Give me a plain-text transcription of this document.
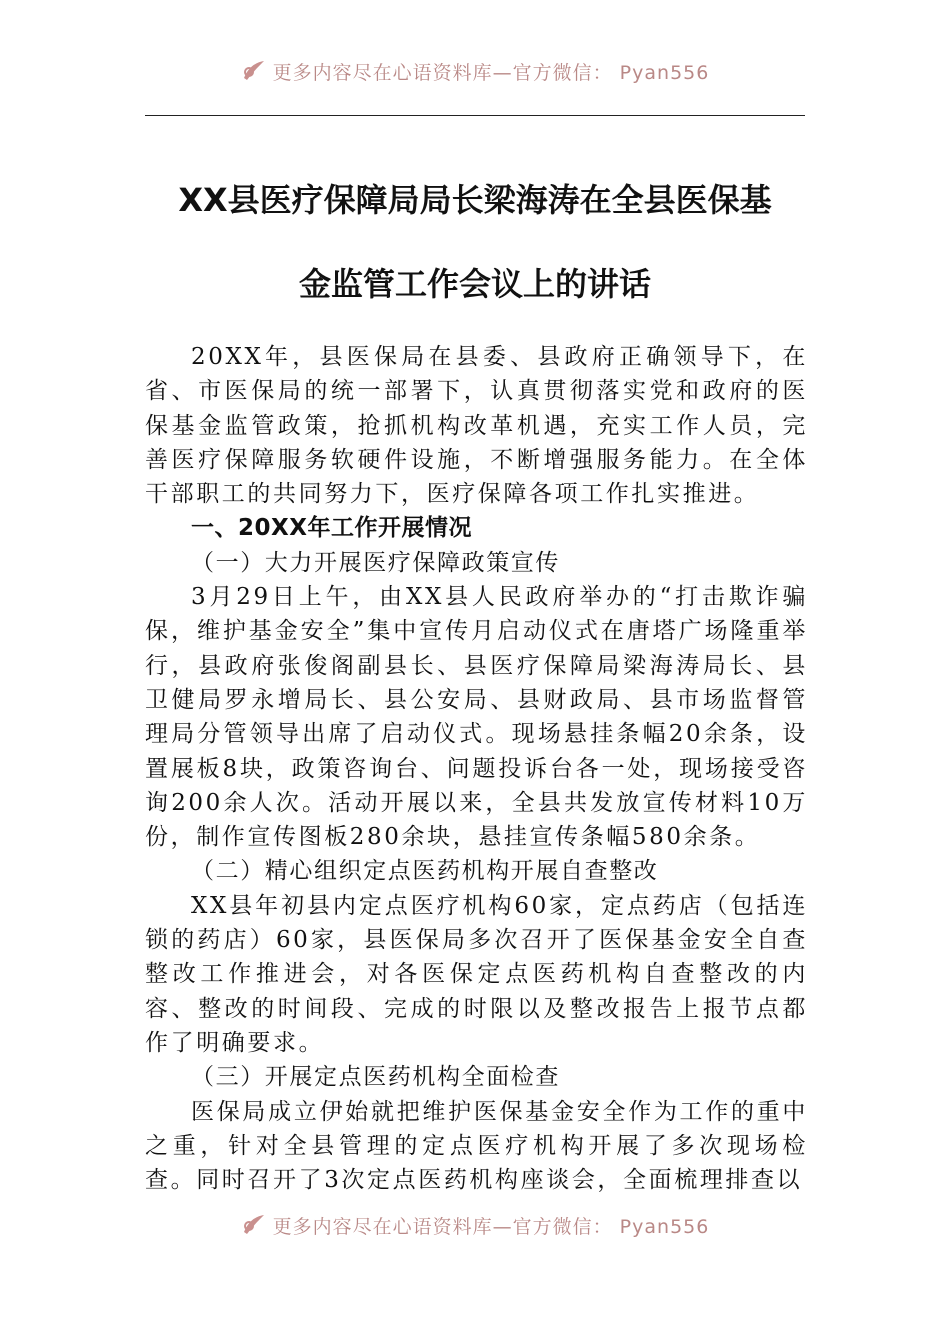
更多内容尽在心语资料库—官方微信： Pyan556
XX县医疗保障局局长梁海涛在全县医保基
金监管工作会议上的讲话

20XX年，县医保局在县委、县政府正确领导下，在省、市医保局的统一部署下，认真贯彻落实党和政府的医保基金监管政策，抢抓机构改革机遇，充实工作人员，完善医疗保障服务软硬件设施，不断增强服务能力。在全体干部职工的共同努力下，医疗保障各项工作扎实推进。

一、20XX年工作开展情况

（一）大力开展医疗保障政策宣传

3月29日上午，由XX县人民政府举办的“打击欺诈骗保，维护基金安全”集中宣传月启动仪式在唐塔广场隆重举行，县政府张俊阁副县长、县医疗保障局梁海涛局长、县卫健局罗永增局长、县公安局、县财政局、县市场监督管理局分管领导出席了启动仪式。现场悬挂条幅20余条，设置展板8块，政策咨询台、问题投诉台各一处，现场接受咨询200余人次。活动开展以来，全县共发放宣传材料10万份，制作宣传图板280余块，悬挂宣传条幅580余条。

（二）精心组织定点医药机构开展自查整改

XX县年初县内定点医疗机构60家，定点药店（包括连锁的药店）60家，县医保局多次召开了医保基金安全自查整改工作推进会，对各医保定点医药机构自查整改的内容、整改的时间段、完成的时限以及整改报告上报节点都作了明确要求。

（三）开展定点医药机构全面检查

医保局成立伊始就把维护医保基金安全作为工作的重中之重，针对全县管理的定点医疗机构开展了多次现场检查。同时召开了3次定点医药机构座谈会，全面梳理排查以

更多内容尽在心语资料库—官方微信： Pyan556
